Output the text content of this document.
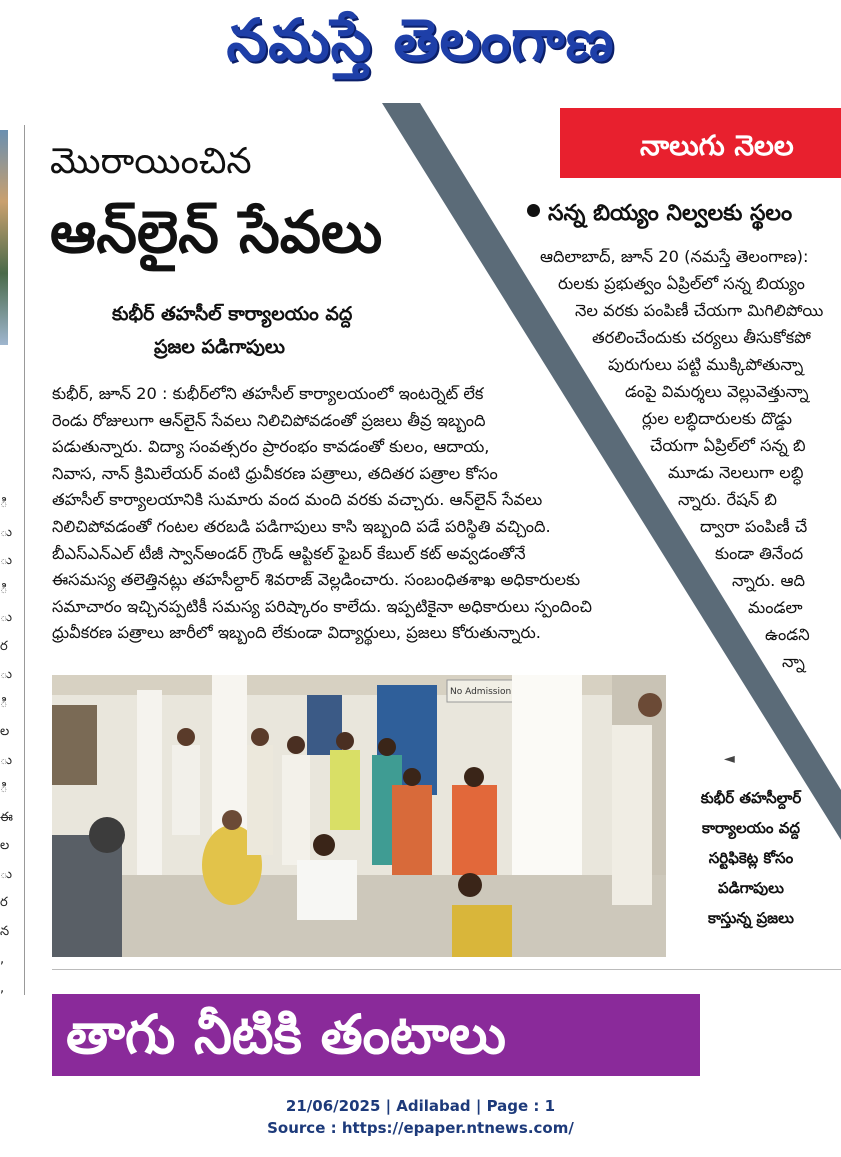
నమస్తే తెలంగాణ
ి
ు
ు
ి
ు
ర
ు
ి
ల
ు
ి
ఈ
ల
ు
ర
న
,
,
నాలుగు నెలల
మొరాయించిన
ఆన్‌లైన్ సేవలు
కుభీర్ తహసీల్ కార్యాలయం వద్ద
ప్రజల పడిగాపులు
కుభీర్, జూన్ 20 : కుభీర్‌లోని తహసీల్ కార్యాలయంలో ఇంటర్నెట్ లేక
రెండు రోజులుగా ఆన్‌లైన్ సేవలు నిలిచిపోవడంతో ప్రజలు తీవ్ర ఇబ్బంది
పడుతున్నారు. విద్యా సంవత్సరం ప్రారంభం కావడంతో కులం, ఆదాయ,
నివాస, నాన్ క్రిమిలేయర్ వంటి ధ్రువీకరణ పత్రాలు, తదితర పత్రాల కోసం
తహసీల్ కార్యాలయానికి సుమారు వంద మంది వరకు వచ్చారు. ఆన్‌లైన్ సేవలు
నిలిచిపోవడంతో గంటల తరబడి పడిగాపులు కాసి ఇబ్బంది పడే పరిస్థితి వచ్చింది.
బీఎస్ఎన్ఎల్ టీజీ స్వాన్అండర్ గ్రౌండ్ ఆప్టికల్ ఫైబర్ కేబుల్ కట్ అవ్వడంతోనే
ఈసమస్య తలెత్తినట్లు తహసీల్దార్ శివరాజ్ వెల్లడించారు. సంబంధితశాఖ అధికారులకు
సమాచారం ఇచ్చినప్పటికీ సమస్య పరిష్కారం కాలేదు. ఇప్పటికైనా అధికారులు స్పందించి
ధ్రువీకరణ పత్రాలు జారీలో ఇబ్బంది లేకుండా విద్యార్థులు, ప్రజలు కోరుతున్నారు.
No Admission
◄
కుభీర్ తహసీల్దార్
కార్యాలయం వద్ద
సర్టిఫికెట్ల కోసం
పడిగాపులు
కాస్తున్న ప్రజలు
సన్న బియ్యం నిల్వలకు స్థలం
ఆదిలాబాద్, జూన్ 20 (నమస్తే తెలంగాణ):
రులకు ప్రభుత్వం ఏప్రిల్‌లో సన్న బియ్యం
నెల వరకు పంపిణీ చేయగా మిగిలిపోయి
తరలించేందుకు చర్యలు తీసుకోకపో
పురుగులు పట్టి ముక్కిపోతున్నా
డంపై విమర్శలు వెల్లువెత్తున్నా
ర్లుల లబ్ధిదారులకు దొడ్డు
చేయగా ఏప్రిల్‌లో సన్న బి
మూడు నెలలుగా లబ్ధి
న్నారు. రేషన్ బి
ద్వారా పంపిణీ చే
కుండా తినేంద
న్నారు. ఆది
మండలా
ఉండని
న్నా
తాగు నీటికి తంటాలు
21/06/2025 | Adilabad | Page : 1
Source : https://epaper.ntnews.com/
